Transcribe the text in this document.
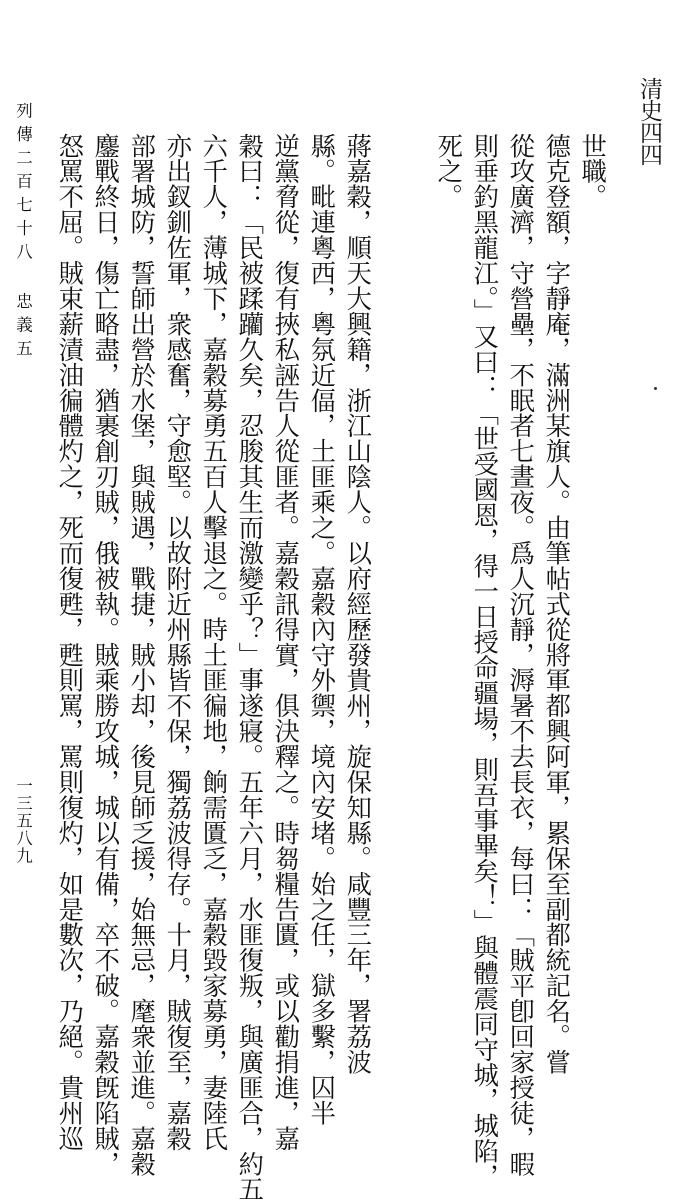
清史四四
世職。
德克登額，字靜庵，滿洲某旗人。由筆帖式從將軍都興阿軍，累保至副都統記名。嘗
從攻廣濟，守營壘，不眠者七晝夜。爲人沉靜，溽暑不去長衣，每曰：「賊平卽回家授徒，暇
則垂釣黑龍江。」又曰：「世受國恩，得一日授命疆場，則吾事畢矣！」與體震同守城，城陷，
死之。
蔣嘉穀，順天大興籍，浙江山陰人。以府經歷發貴州，旋保知縣。咸豐三年，署荔波
縣。毗連粵西，粵氛近偪，土匪乘之。嘉穀內守外禦，境內安堵。始之任，獄多繫，囚半
逆黨脅從，復有挾私誣告人從匪者。嘉穀訊得實，俱決釋之。時芻糧告匱，或以勸捐進，嘉
穀曰：「民被蹂躪久矣，忍朘其生而激變乎？」事遂寢。五年六月，水匪復叛，與廣匪合，約五
六千人，薄城下，嘉穀募勇五百人擊退之。時土匪徧地，餉需匱乏，嘉穀毀家募勇，妻陸氏
亦出釵釧佐軍，衆感奮，守愈堅。以故附近州縣皆不保，獨荔波得存。十月，賊復至，嘉穀
部署城防，誓師出營於水堡，與賊遇，戰捷，賊小却，後見師乏援，始無忌，麾衆並進。嘉穀
鏖戰終日，傷亡略盡，猶裹創刃賊，俄被執。賊乘勝攻城，城以有備，卒不破。嘉穀旣陷賊，
怒罵不屈。賊束薪漬油徧體灼之，死而復甦，甦則罵，罵則復灼，如是數次，乃絕。貴州巡
列傳二百七十八 忠義五
一三五八九
